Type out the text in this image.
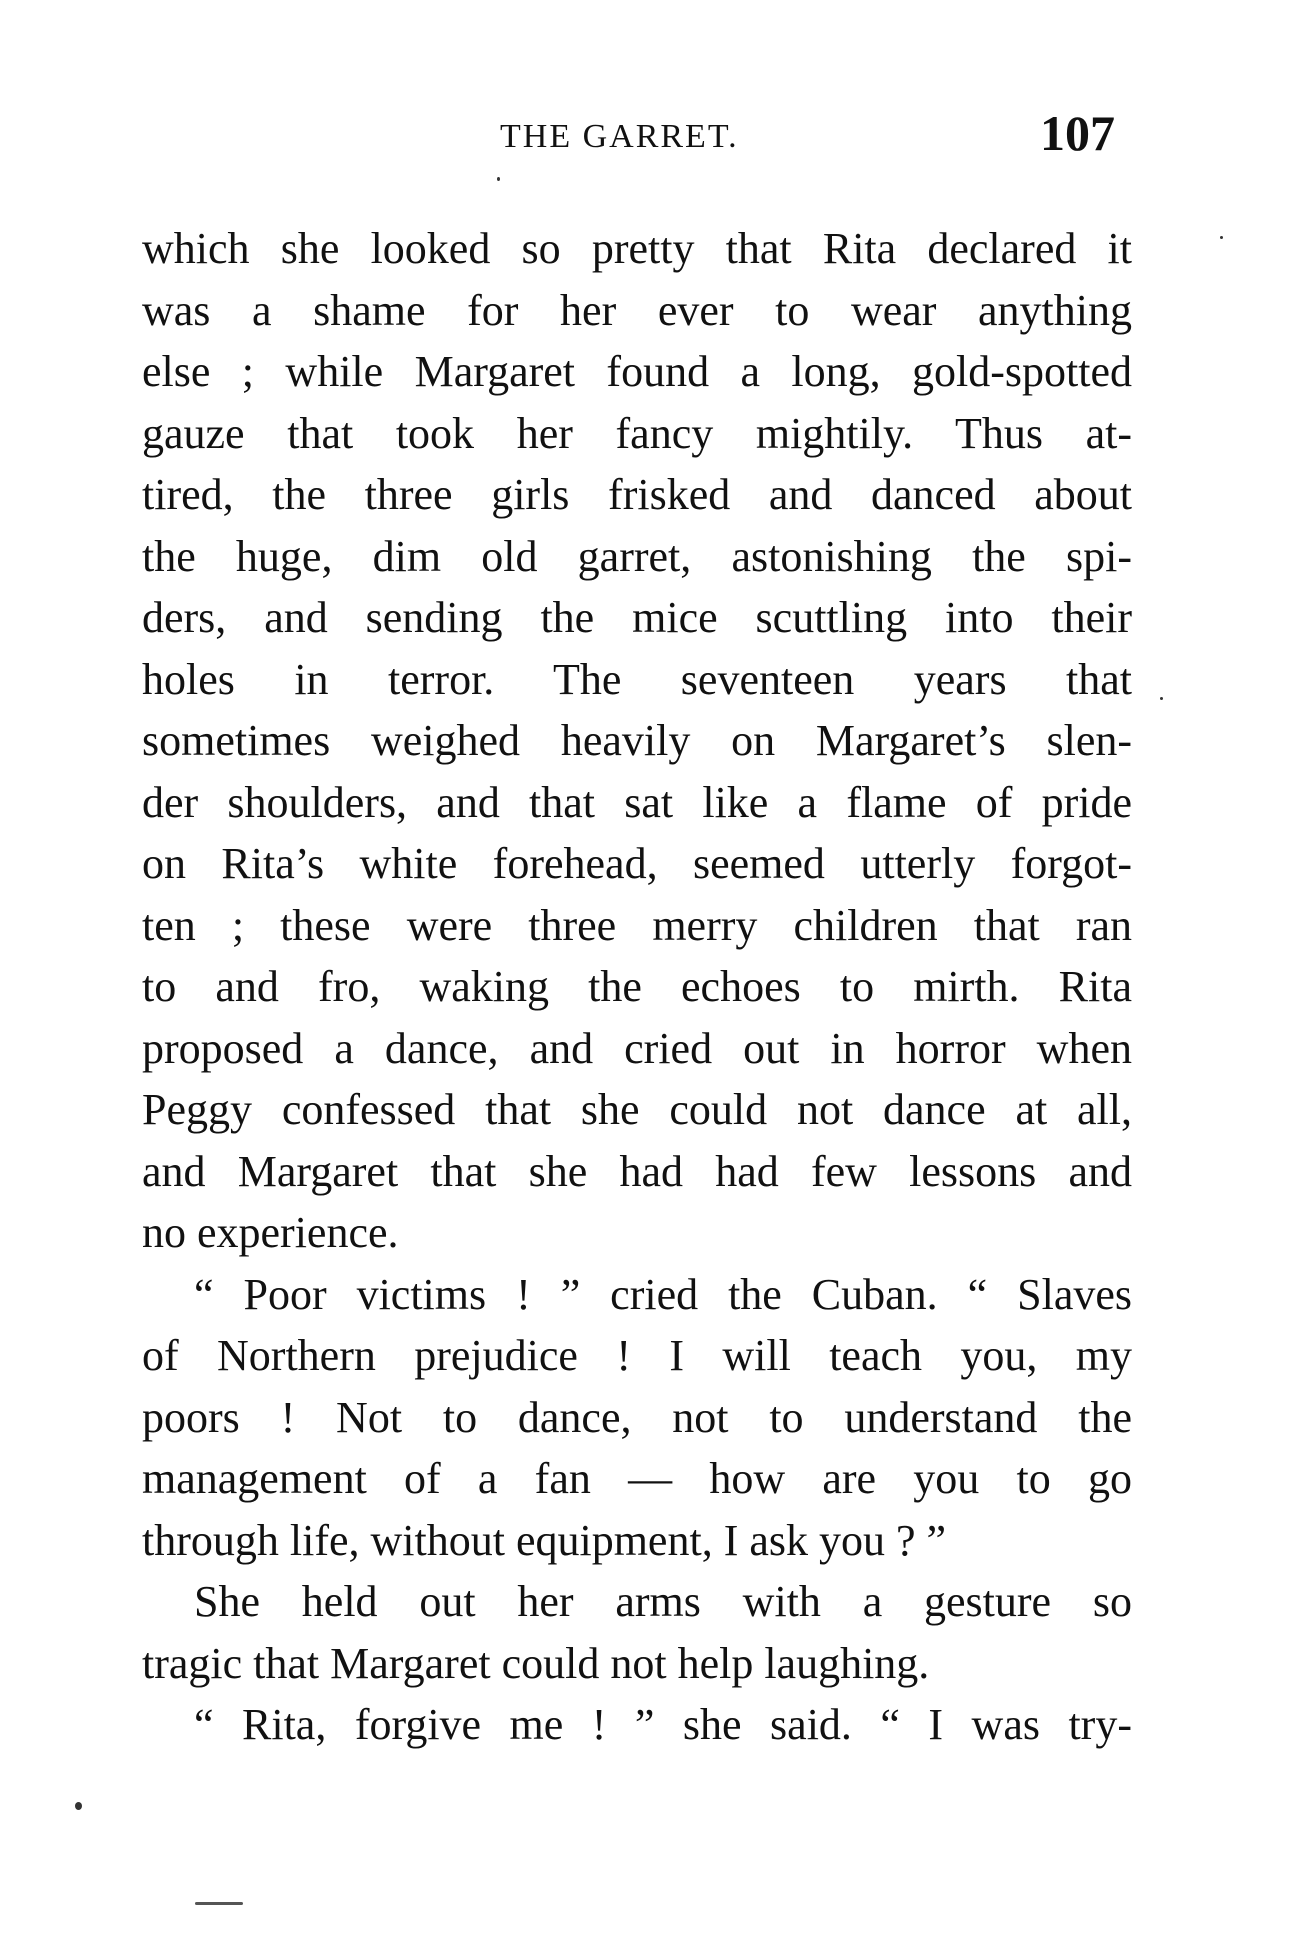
THE GARRET.	107
which she looked so pretty that Rita declared it
was a shame for her ever to wear anything
else ; while Margaret found a long, gold-spotted
gauze that took her fancy mightily. Thus at-
tired, the three girls frisked and danced about
the huge, dim old garret, astonishing the spi-
ders, and sending the mice scuttling into their
holes in terror. The seventeen years that
sometimes weighed heavily on Margaret’s slen-
der shoulders, and that sat like a flame of pride
on Rita’s white forehead, seemed utterly forgot-
ten ; these were three merry children that ran
to and fro, waking the echoes to mirth. Rita
proposed a dance, and cried out in horror when
Peggy confessed that she could not dance at all,
and Margaret that she had had few lessons and
no experience.
“ Poor victims ! ” cried the Cuban. “ Slaves
of Northern prejudice ! I will teach you, my
poors ! Not to dance, not to understand the
management of a fan — how are you to go
through life, without equipment, I ask you ? ”
She held out her arms with a gesture so
tragic that Margaret could not help laughing.
“ Rita, forgive me ! ” she said. “ I was try-
